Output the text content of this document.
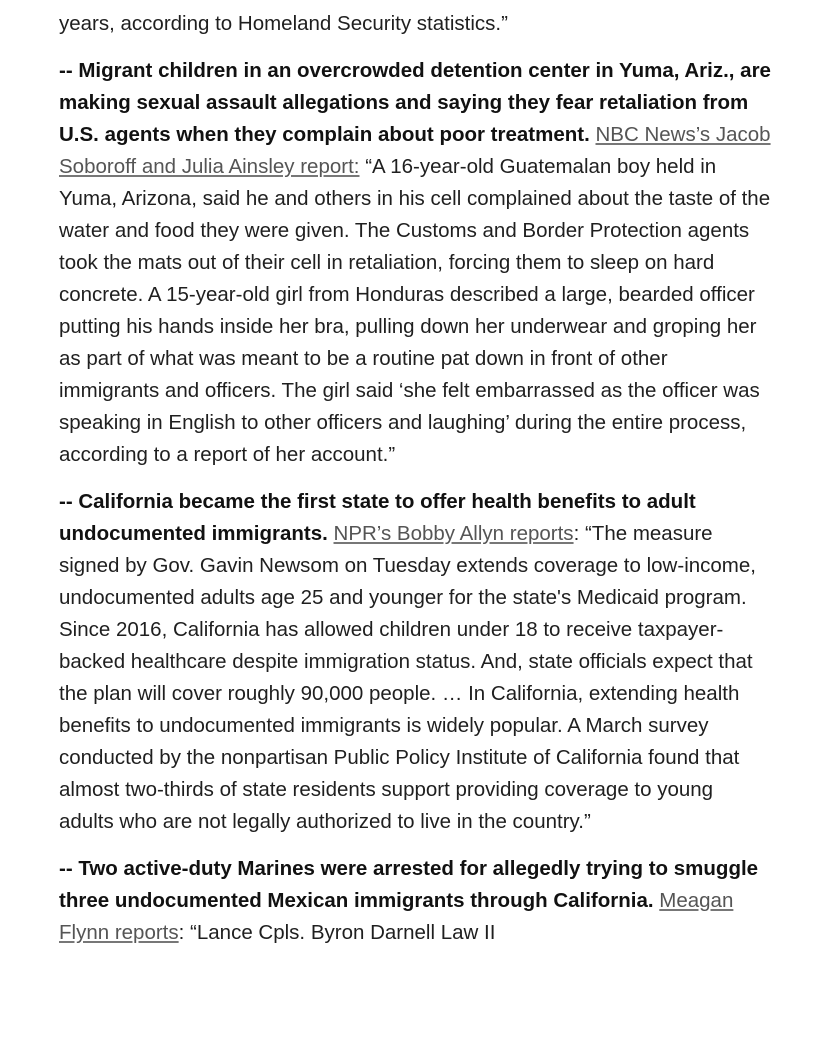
years, according to Homeland Security statistics.”

-- Migrant children in an overcrowded detention center in Yuma, Ariz., are making sexual assault allegations and saying they fear retaliation from U.S. agents when they complain about poor treatment. NBC News’s Jacob Soboroff and Julia Ainsley report: “A 16-year-old Guatemalan boy held in Yuma, Arizona, said he and others in his cell complained about the taste of the water and food they were given. The Customs and Border Protection agents took the mats out of their cell in retaliation, forcing them to sleep on hard concrete. A 15-year-old girl from Honduras described a large, bearded officer putting his hands inside her bra, pulling down her underwear and groping her as part of what was meant to be a routine pat down in front of other immigrants and officers. The girl said ‘she felt embarrassed as the officer was speaking in English to other officers and laughing’ during the entire process, according to a report of her account.”

-- California became the first state to offer health benefits to adult undocumented immigrants. NPR’s Bobby Allyn reports: “The measure signed by Gov. Gavin Newsom on Tuesday extends coverage to low-income, undocumented adults age 25 and younger for the state's Medicaid program. Since 2016, California has allowed children under 18 to receive taxpayer-backed healthcare despite immigration status. And, state officials expect that the plan will cover roughly 90,000 people. … In California, extending health benefits to undocumented immigrants is widely popular. A March survey conducted by the nonpartisan Public Policy Institute of California found that almost two-thirds of state residents support providing coverage to young adults who are not legally authorized to live in the country.”

-- Two active-duty Marines were arrested for allegedly trying to smuggle three undocumented Mexican immigrants through California. Meagan Flynn reports: “Lance Cpls. Byron Darnell Law II
